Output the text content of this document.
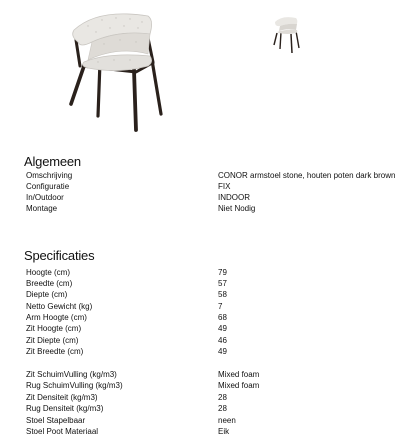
Algemeen
Omschrijving	CONOR armstoel stone, houten poten dark brown
Configuratie	FIX
In/Outdoor	INDOOR
Montage	Niet Nodig
Specificaties
Hoogte (cm)	79
Breedte (cm)	57
Diepte (cm)	58
Netto Gewicht (kg)	7
Arm Hoogte (cm)	68
Zit Hoogte (cm)	49
Zit Diepte (cm)	46
Zit Breedte (cm)	49
Zit SchuimVulling (kg/m3)	Mixed foam
Rug SchuimVulling (kg/m3)	Mixed foam
Zit Densiteit (kg/m3)	28
Rug Densiteit (kg/m3)	28
Stoel Stapelbaar	neen
Stoel Poot Materiaal	Eik
